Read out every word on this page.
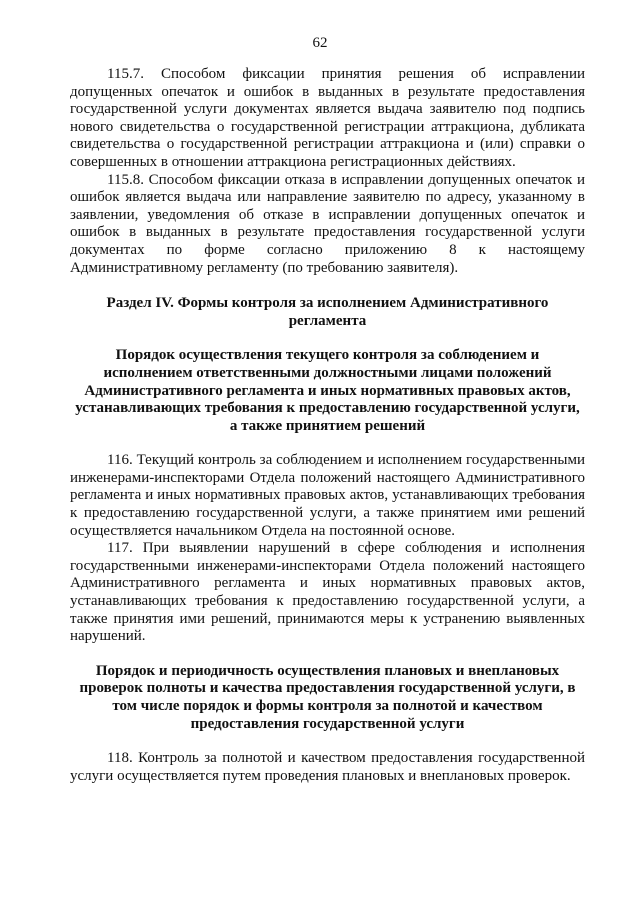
62

115.7. Способом фиксации принятия решения об исправлении допущенных опечаток и ошибок в выданных в результате предоставления государственной услуги документах является выдача заявителю под подпись нового свидетельства о государственной регистрации аттракциона, дубликата свидетельства о государственной регистрации аттракциона и (или) справки о совершенных в отношении аттракциона регистрационных действиях.

115.8. Способом фиксации отказа в исправлении допущенных опечаток и ошибок является выдача или направление заявителю по адресу, указанному в заявлении, уведомления об отказе в исправлении допущенных опечаток и ошибок в выданных в результате предоставления государственной услуги документах по форме согласно приложению 8 к настоящему Административному регламенту (по требованию заявителя).

Раздел IV. Формы контроля за исполнением Административного регламента

Порядок осуществления текущего контроля за соблюдением и исполнением ответственными должностными лицами положений Административного регламента и иных нормативных правовых актов, устанавливающих требования к предоставлению государственной услуги, а также принятием решений

116. Текущий контроль за соблюдением и исполнением государственными инженерами-инспекторами Отдела положений настоящего Административного регламента и иных нормативных правовых актов, устанавливающих требования к предоставлению государственной услуги, а также принятием ими решений осуществляется начальником Отдела на постоянной основе.

117. При выявлении нарушений в сфере соблюдения и исполнения государственными инженерами-инспекторами Отдела положений настоящего Административного регламента и иных нормативных правовых актов, устанавливающих требования к предоставлению государственной услуги, а также принятия ими решений, принимаются меры к устранению выявленных нарушений.

Порядок и периодичность осуществления плановых и внеплановых проверок полноты и качества предоставления государственной услуги, в том числе порядок и формы контроля за полнотой и качеством предоставления государственной услуги

118. Контроль за полнотой и качеством предоставления государственной услуги осуществляется путем проведения плановых и внеплановых проверок.
